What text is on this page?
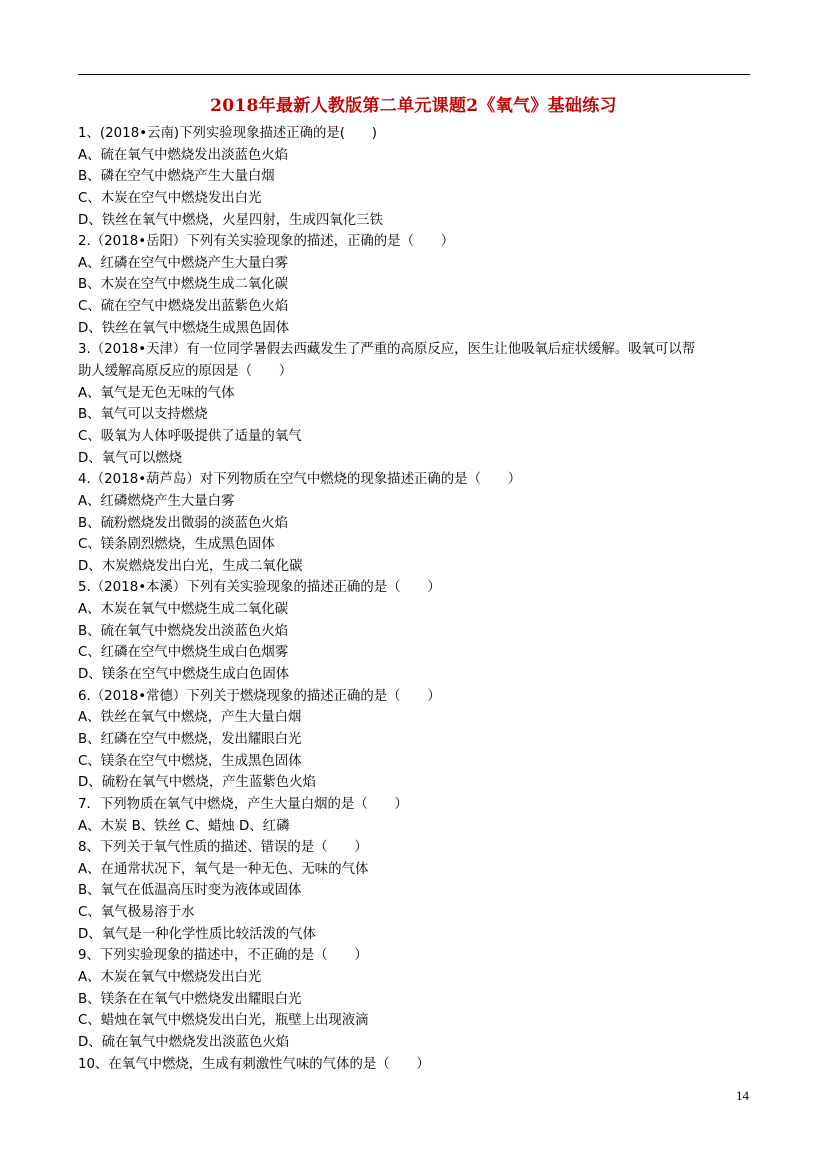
2018年最新人教版第二单元课题2《氧气》基础练习
1、(2018•云南)下列实验现象描述正确的是(　　)
A、硫在氧气中燃烧发出淡蓝色火焰
B、磷在空气中燃烧产生大量白烟
C、木炭在空气中燃烧发出白光
D、铁丝在氧气中燃烧，火星四射，生成四氧化三铁
2.（2018•岳阳）下列有关实验现象的描述，正确的是（　　）
A、红磷在空气中燃烧产生大量白雾
B、木炭在空气中燃烧生成二氧化碳
C、硫在空气中燃烧发出蓝紫色火焰
D、铁丝在氧气中燃烧生成黑色固体
3.（2018•天津）有一位同学暑假去西藏发生了严重的高原反应，医生让他吸氧后症状缓解。吸氧可以帮
助人缓解高原反应的原因是（　　）
A、氧气是无色无味的气体
B、氧气可以支持燃烧
C、吸氧为人体呼吸提供了适量的氧气
D、氧气可以燃烧
4.（2018•葫芦岛）对下列物质在空气中燃烧的现象描述正确的是（　　）
A、红磷燃烧产生大量白雾
B、硫粉燃烧发出微弱的淡蓝色火焰
C、镁条剧烈燃烧，生成黑色固体
D、木炭燃烧发出白光，生成二氧化碳
5.（2018•本溪）下列有关实验现象的描述正确的是（　　）
A、木炭在氧气中燃烧生成二氧化碳
B、硫在氧气中燃烧发出淡蓝色火焰
C、红磷在空气中燃烧生成白色烟雾
D、镁条在空气中燃烧生成白色固体
6.（2018•常德）下列关于燃烧现象的描述正确的是（　　）
A、铁丝在氧气中燃烧，产生大量白烟
B、红磷在空气中燃烧，发出耀眼白光
C、镁条在空气中燃烧，生成黑色固体
D、硫粉在氧气中燃烧，产生蓝紫色火焰
7．下列物质在氧气中燃烧，产生大量白烟的是（　　）
A、木炭 B、铁丝 C、蜡烛 D、红磷
8、下列关于氧气性质的描述、错误的是（　　）
A、在通常状况下，氧气是一种无色、无味的气体
B、氧气在低温高压时变为液体或固体
C、氧气极易溶于水
D、氧气是一种化学性质比较活泼的气体
9、下列实验现象的描述中，不正确的是（　　）
A、木炭在氧气中燃烧发出白光
B、镁条在在氧气中燃烧发出耀眼白光
C、蜡烛在氧气中燃烧发出白光，瓶壁上出现液滴
D、硫在氧气中燃烧发出淡蓝色火焰
10、在氧气中燃烧，生成有刺激性气味的气体的是（　　）
14
